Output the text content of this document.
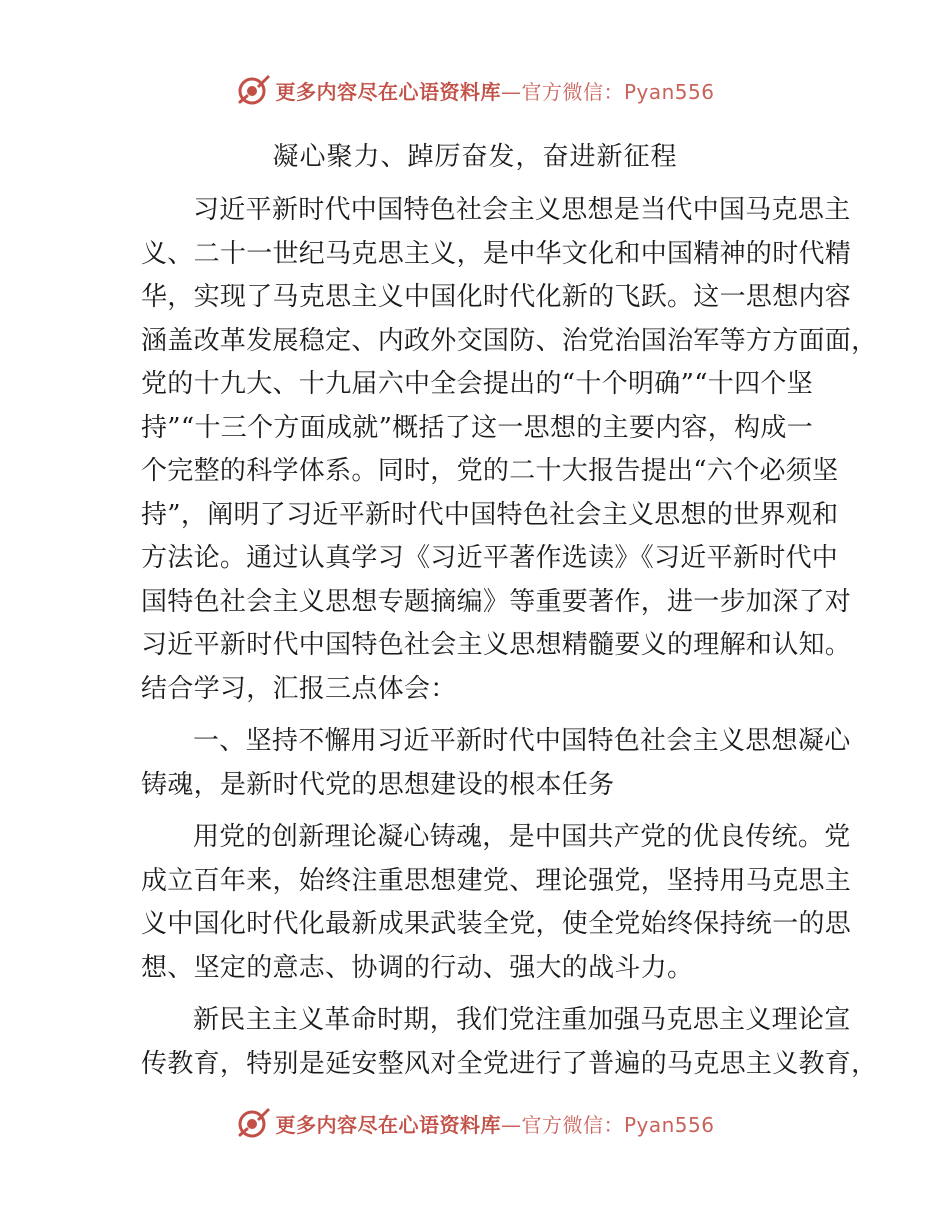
更多内容尽在心语资料库—官方微信：Pyan556
凝心聚力、踔厉奋发，奋进新征程

习近平新时代中国特色社会主义思想是当代中国马克思主
义、二十一世纪马克思主义，是中华文化和中国精神的时代精
华，实现了马克思主义中国化时代化新的飞跃。这一思想内容
涵盖改革发展稳定、内政外交国防、治党治国治军等方方面面，
党的十九大、十九届六中全会提出的“十个明确”“十四个坚
持”“十三个方面成就”概括了这一思想的主要内容，构成一
个完整的科学体系。同时，党的二十大报告提出“六个必须坚
持”，阐明了习近平新时代中国特色社会主义思想的世界观和
方法论。通过认真学习《习近平著作选读》《习近平新时代中
国特色社会主义思想专题摘编》等重要著作，进一步加深了对
习近平新时代中国特色社会主义思想精髓要义的理解和认知。
结合学习，汇报三点体会：

一、坚持不懈用习近平新时代中国特色社会主义思想凝心
铸魂，是新时代党的思想建设的根本任务

用党的创新理论凝心铸魂，是中国共产党的优良传统。党
成立百年来，始终注重思想建党、理论强党，坚持用马克思主
义中国化时代化最新成果武装全党，使全党始终保持统一的思
想、坚定的意志、协调的行动、强大的战斗力。

新民主主义革命时期，我们党注重加强马克思主义理论宣
传教育，特别是延安整风对全党进行了普遍的马克思主义教育，

更多内容尽在心语资料库—官方微信：Pyan556
